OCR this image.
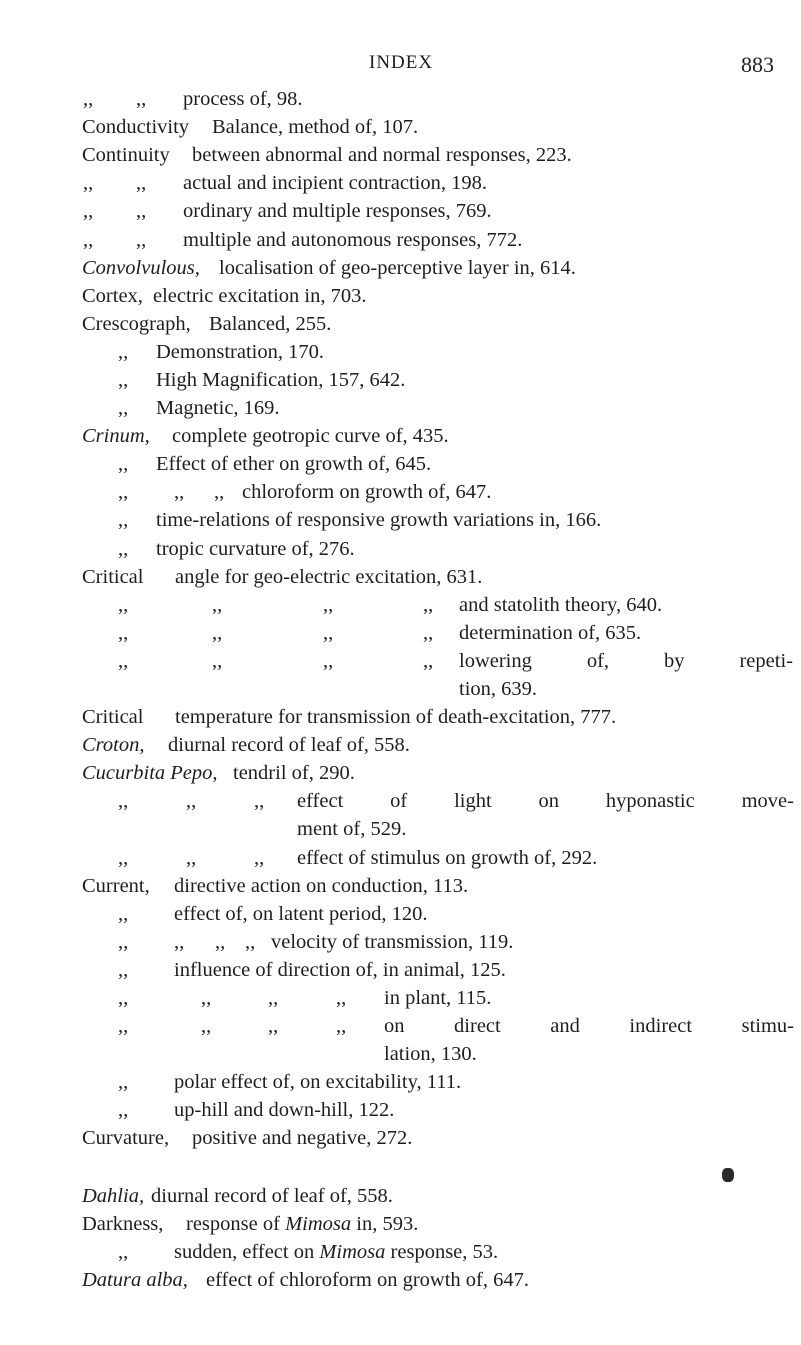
INDEX	883
,, ,, process of, 98.
Conductivity Balance, method of, 107.
Continuity between abnormal and normal responses, 223.
,, ,, actual and incipient contraction, 198.
,, ,, ordinary and multiple responses, 769.
,, ,, multiple and autonomous responses, 772.
Convolvulous, localisation of geo-perceptive layer in, 614.
Cortex, electric excitation in, 703.
Crescograph, Balanced, 255.
,, Demonstration, 170.
,, High Magnification, 157, 642.
,, Magnetic, 169.
Crinum, complete geotropic curve of, 435.
,, Effect of ether on growth of, 645.
,, ,, ,, chloroform on growth of, 647.
,, time-relations of responsive growth variations in, 166.
,, tropic curvature of, 276.
Critical angle for geo-electric excitation, 631.
,,	,,	,,	,, and statolith theory, 640.
,,	,,	,,	,, determination of, 635.
,,	,,	,,	,, lowering	of,	by	repeti-
tion, 639.
Critical temperature for transmission of death-excitation, 777.
Croton, diurnal record of leaf of, 558.
Cucurbita Pepo, tendril of, 290.
,,	,,	,, effect of light on hyponastic move-
ment of, 529.
,,	,,	,, effect of stimulus on growth of, 292.
Current, directive action on conduction, 113.
,, effect of, on latent period, 120.
,, ,, ,, ,, velocity of transmission, 119.
,, influence of direction of, in animal, 125.
,,	,,	,,	,, in plant, 115.
,,	,,	,,	,, on direct and indirect stimu-
lation, 130.
,, polar effect of, on excitability, 111.
,, up-hill and down-hill, 122.
Curvature, positive and negative, 272.
Dahlia, diurnal record of leaf of, 558.
Darkness, response of Mimosa in, 593.
,, sudden, effect on Mimosa response, 53.
Datura alba, effect of chloroform on growth of, 647.
